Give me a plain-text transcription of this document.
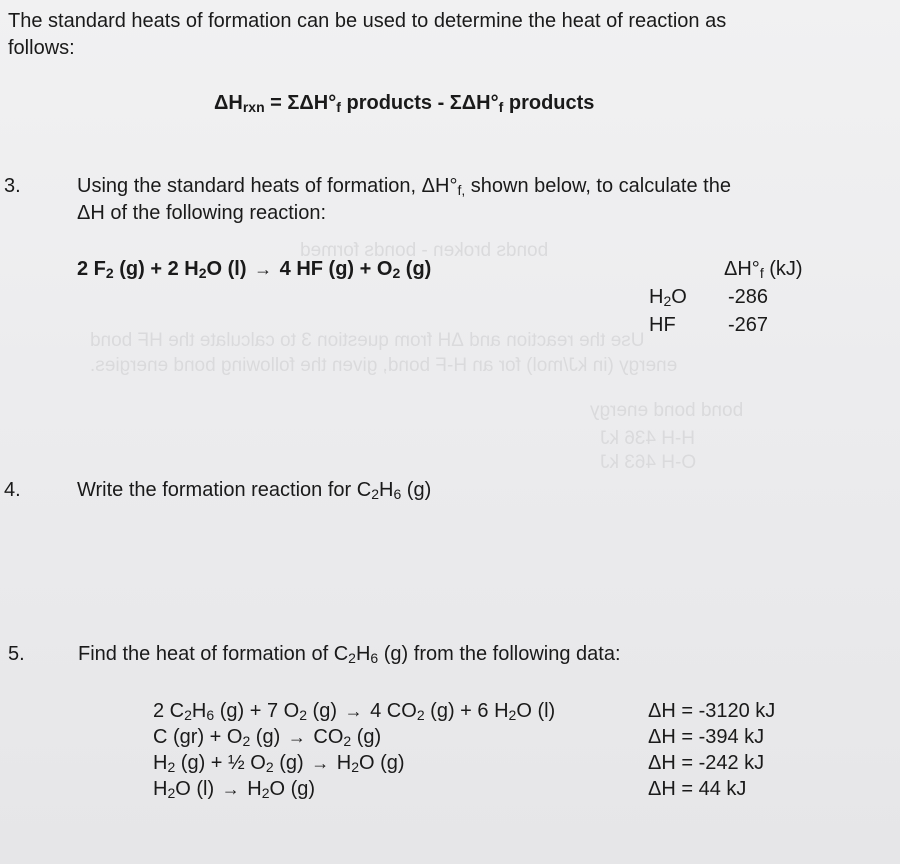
bonds broken - bonds formed
Use the reaction and ΔH from question 3 to calculate the HF bond
energy (in kJ/mol) for an H-F bond, given the following bond energies.
bond bond energy
H-H 436 kJ
O-H 463 kJ
The standard heats of formation can be used to determine the heat of reaction as
follows:
$\Delta H_{rxn} = \Sigma\Delta H^\circ_f$ products - $\Sigma\Delta H^\circ_f$ products
3.	Using the standard heats of formation, $\Delta H^\circ_{f,}$ shown below, to calculate the
ΔH of the following reaction:
2 $F_2$ (g) + 2 $H_2O$ (l) → 4 HF $(g) + O_2$ (g)	$\Delta H^\circ_f$ (kJ)
$H_2O$ -286
HF	-267
4.	Write the formation reaction for $C_2H_6$ (g)
5.	Find the heat of formation of $C_2H_6$ (g) from the following data:
2 $C_2H_6$ (g) + 7 $O_2$ (g) → 4 $CO_2$ (g) + 6 $H_2O$ (l)	ΔH = -3120 kJ
C $(gr) + O_2$ $(g) \to CO_2$ (g)	ΔH = -394 kJ
$H_2$ (g) + ½ $O_2$ $(g) \to H_2O$ (g)	ΔH = -242 kJ
$H_2O$ $(l) \to H_2O$ (g)	ΔH = 44 kJ
